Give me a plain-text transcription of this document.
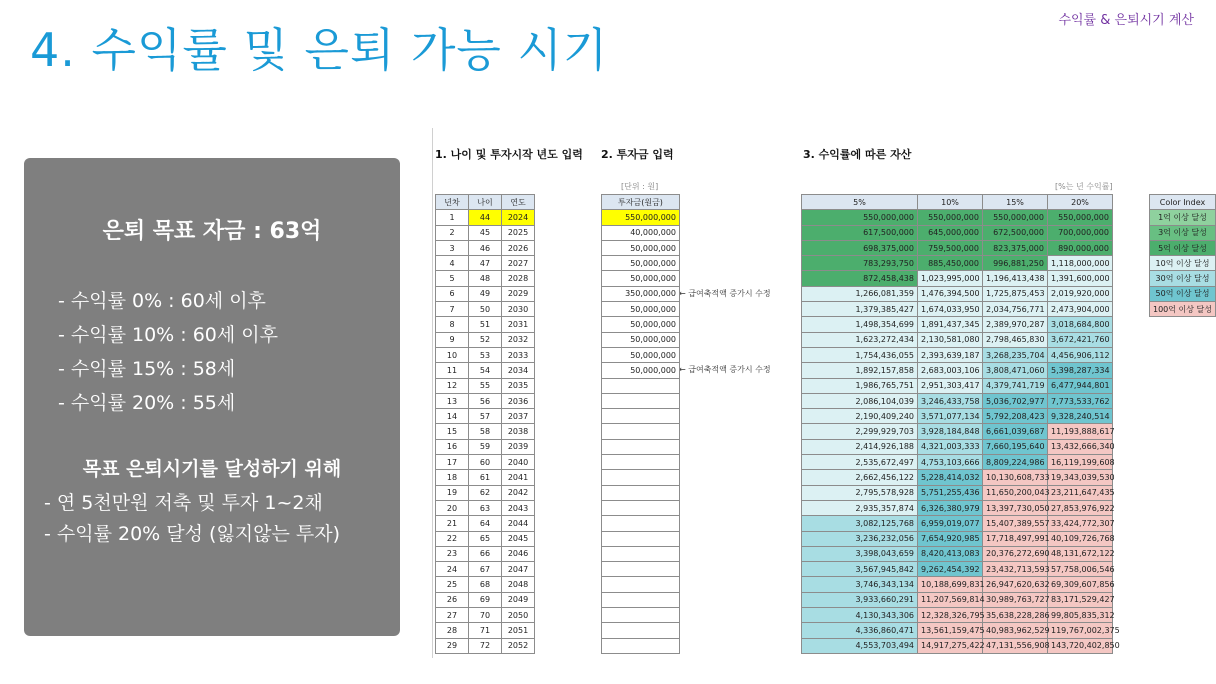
수익률 & 은퇴시기 계산
4. 수익률 및 은퇴 가능 시기
은퇴 목표 자금 : 63억
- 수익률 0% : 60세 이후
- 수익률 10% : 60세 이후
- 수익률 15% : 58세
- 수익률 20% : 55세
목표 은퇴시기를 달성하기 위해
- 연 5천만원 저축 및 투자 1~2채
- 수익률 20% 달성 (잃지않는 투자)
1. 나이 및 투자시작 년도 입력 2. 투자금 입력	3. 수익률에 따른 자산
[단위 : 원]	[%는 년 수익률]
← 급여축적액 증가시 수정
← 급여축적액 증가시 수정
년차	나이	연도
1	44	2024
2	45	2025
3	46	2026
4	47	2027
5	48	2028
6	49	2029
7	50	2030
8	51	2031
9	52	2032
10	53	2033
11	54	2034
12	55	2035
13	56	2036
14	57	2037
15	58	2038
16	59	2039
17	60	2040
18	61	2041
19	62	2042
20	63	2043
21	64	2044
22	65	2045
23	66	2046
24	67	2047
25	68	2048
26	69	2049
27	70	2050
28	71	2051
29	72	2052
투자금(원금)
550,000,000
40,000,000
50,000,000
50,000,000
50,000,000
350,000,000
50,000,000
50,000,000
50,000,000
50,000,000
50,000,000

5%	10%	15%	20%
550,000,000	550,000,000	550,000,000	550,000,000
617,500,000	645,000,000	672,500,000	700,000,000
698,375,000	759,500,000	823,375,000	890,000,000
783,293,750	885,450,000	996,881,250	1,118,000,000
872,458,438	1,023,995,000	1,196,413,438	1,391,600,000
1,266,081,359	1,476,394,500	1,725,875,453	2,019,920,000
1,379,385,427	1,674,033,950	2,034,756,771	2,473,904,000
1,498,354,699	1,891,437,345	2,389,970,287	3,018,684,800
1,623,272,434	2,130,581,080	2,798,465,830	3,672,421,760
1,754,436,055	2,393,639,187	3,268,235,704	4,456,906,112
1,892,157,858	2,683,003,106	3,808,471,060	5,398,287,334
1,986,765,751	2,951,303,417	4,379,741,719	6,477,944,801
2,086,104,039	3,246,433,758	5,036,702,977	7,773,533,762
2,190,409,240	3,571,077,134	5,792,208,423	9,328,240,514
2,299,929,703	3,928,184,848	6,661,039,687	11,193,888,617
2,414,926,188	4,321,003,333	7,660,195,640	13,432,666,340
2,535,672,497	4,753,103,666	8,809,224,986	16,119,199,608
2,662,456,122	5,228,414,032	10,130,608,733	19,343,039,530
2,795,578,928	5,751,255,436	11,650,200,043	23,211,647,435
2,935,357,874	6,326,380,979	13,397,730,050	27,853,976,922
3,082,125,768	6,959,019,077	15,407,389,557	33,424,772,307
3,236,232,056	7,654,920,985	17,718,497,991	40,109,726,768
3,398,043,659	8,420,413,083	20,376,272,690	48,131,672,122
3,567,945,842	9,262,454,392	23,432,713,593	57,758,006,546
3,746,343,134	10,188,699,831	26,947,620,632	69,309,607,856
3,933,660,291	11,207,569,814	30,989,763,727	83,171,529,427
4,130,343,306	12,328,326,795	35,638,228,286	99,805,835,312
4,336,860,471	13,561,159,475	40,983,962,529	119,767,002,375
4,553,703,494	14,917,275,422	47,131,556,908	143,720,402,850
Color Index
1억 이상 달성
3억 이상 달성
5억 이상 달성
10억 이상 달성
30억 이상 달성
50억 이상 달성
100억 이상 달성
